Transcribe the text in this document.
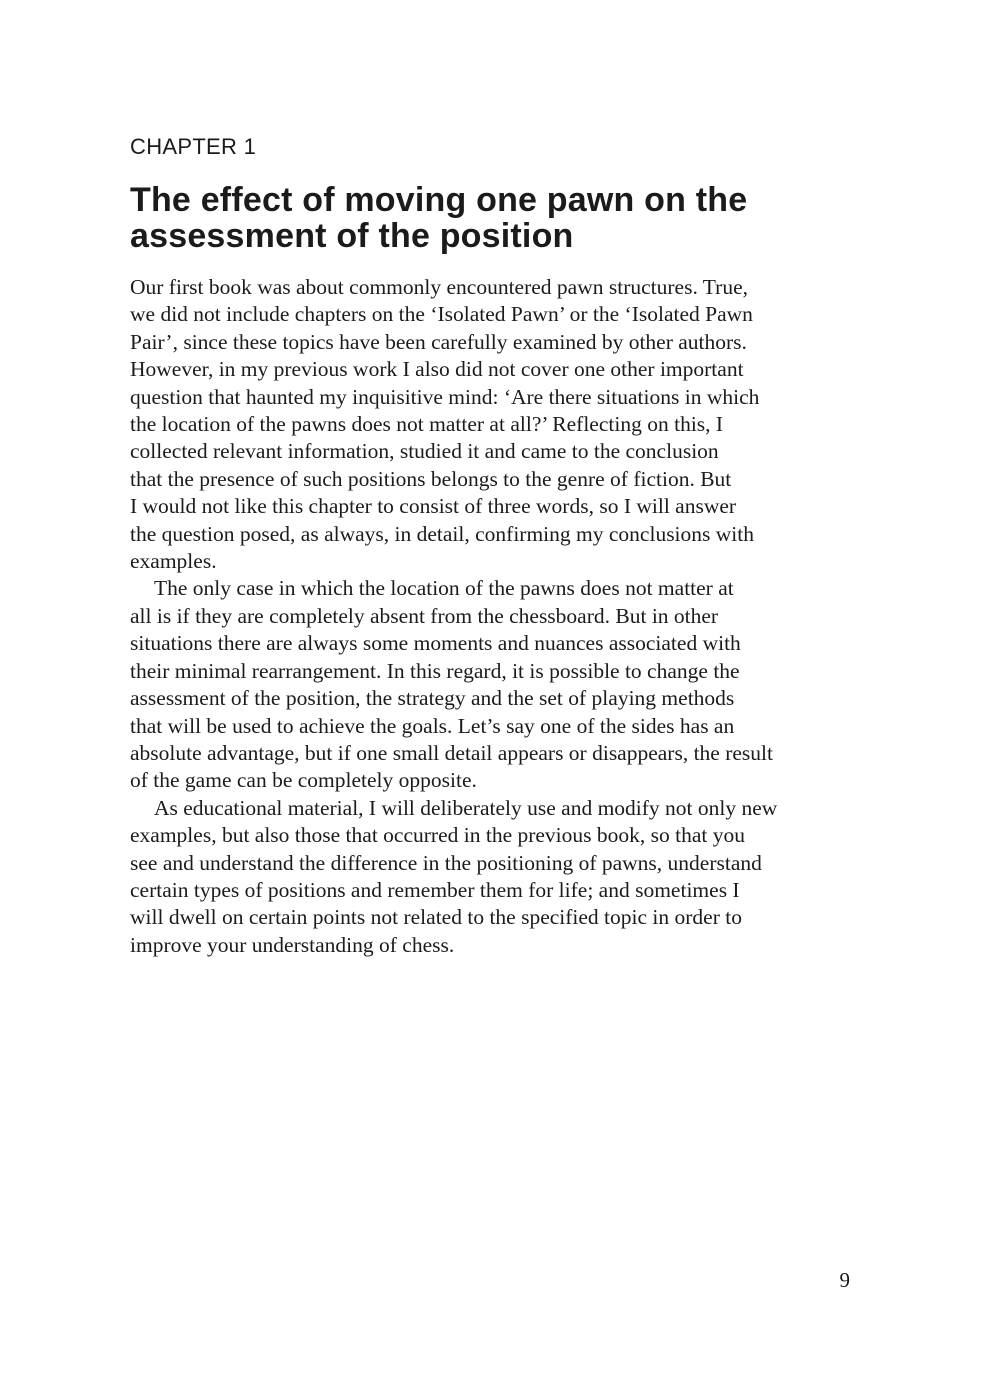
CHAPTER 1
The effect of moving one pawn on the
assessment of the position
Our first book was about commonly encountered pawn structures. True,
we did not include chapters on the ‘Isolated Pawn’ or the ‘Isolated Pawn
Pair’, since these topics have been carefully examined by other authors.
However, in my previous work I also did not cover one other important
question that haunted my inquisitive mind: ‘Are there situations in which
the location of the pawns does not matter at all?’ Reflecting on this, I
collected relevant information, studied it and came to the conclusion
that the presence of such positions belongs to the genre of fiction. But
I would not like this chapter to consist of three words, so I will answer
the question posed, as always, in detail, confirming my conclusions with
examples.
The only case in which the location of the pawns does not matter at
all is if they are completely absent from the chessboard. But in other
situations there are always some moments and nuances associated with
their minimal rearrangement. In this regard, it is possible to change the
assessment of the position, the strategy and the set of playing methods
that will be used to achieve the goals. Let’s say one of the sides has an
absolute advantage, but if one small detail appears or disappears, the result
of the game can be completely opposite.
As educational material, I will deliberately use and modify not only new
examples, but also those that occurred in the previous book, so that you
see and understand the difference in the positioning of pawns, understand
certain types of positions and remember them for life; and sometimes I
will dwell on certain points not related to the specified topic in order to
improve your understanding of chess.
9
